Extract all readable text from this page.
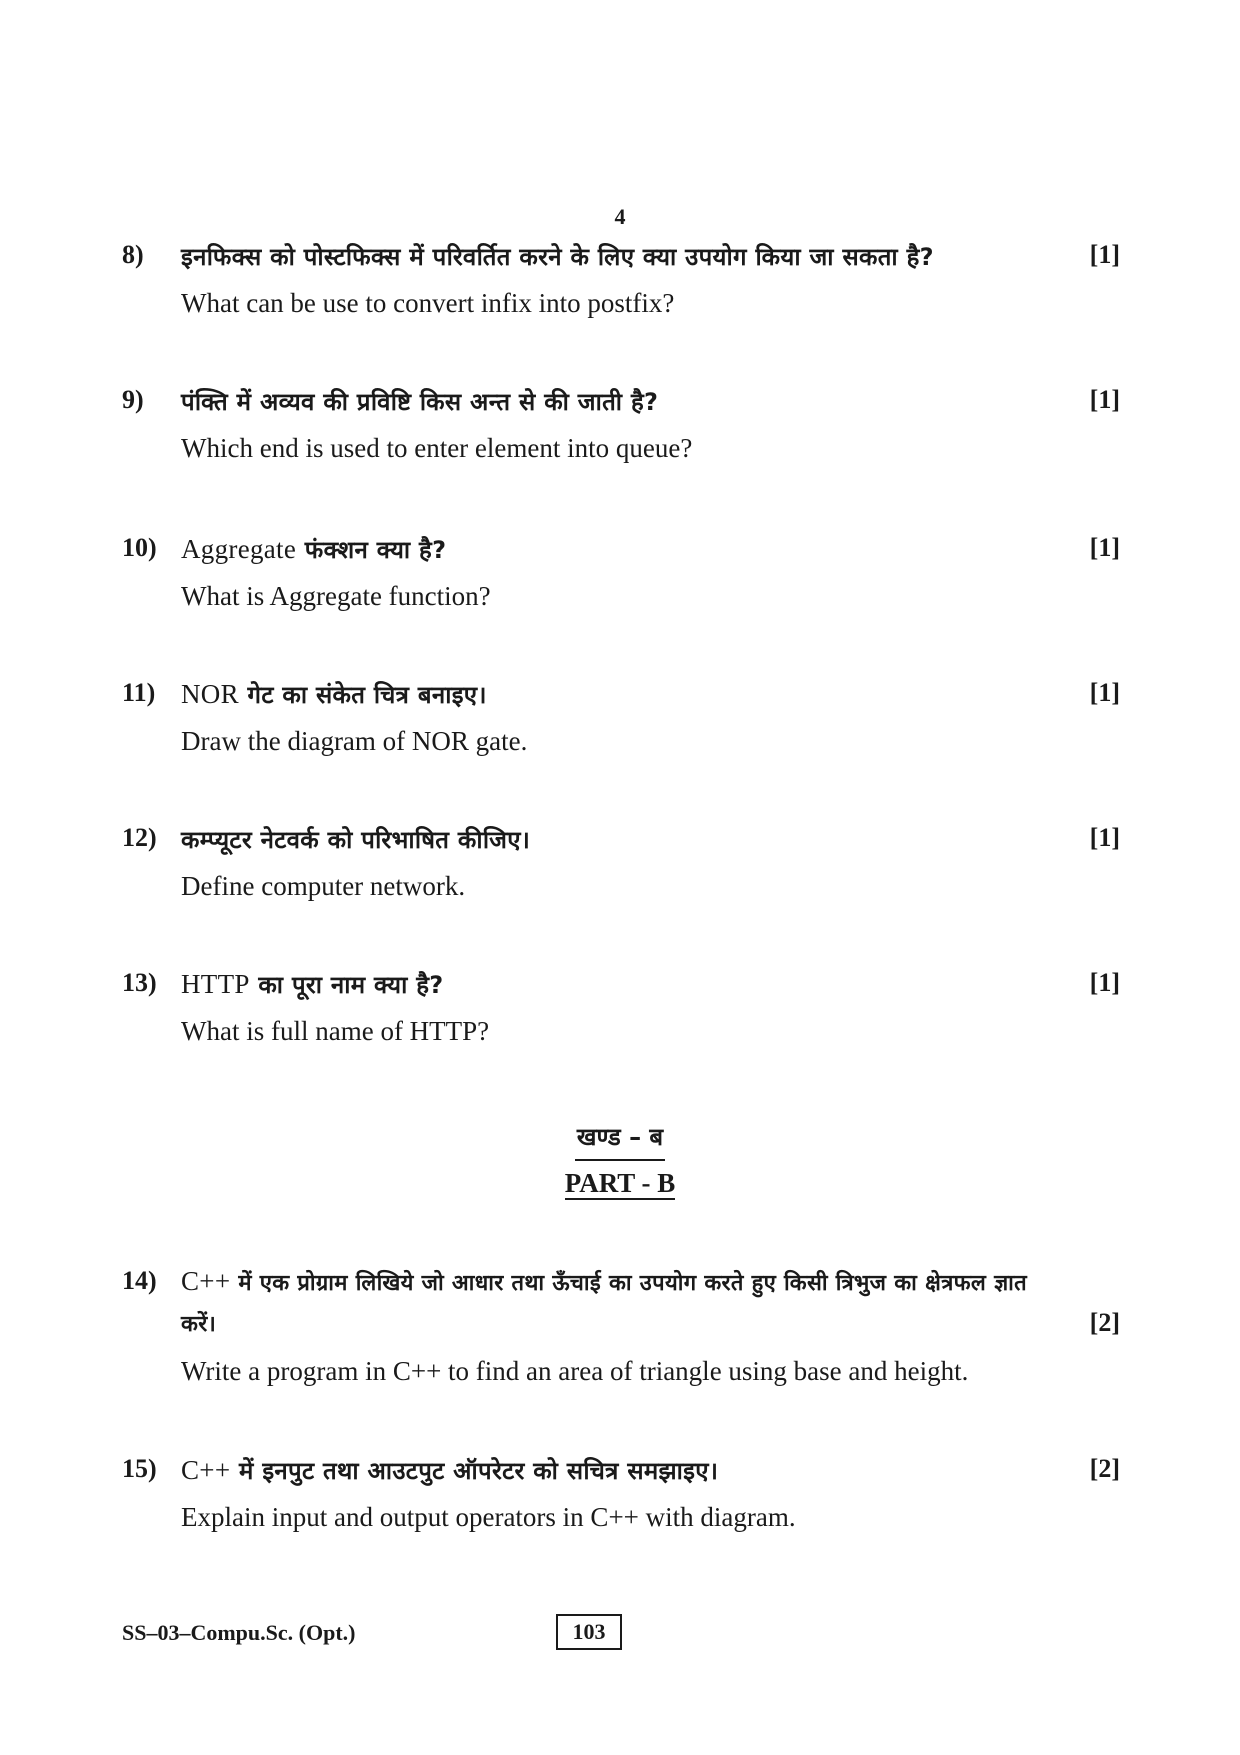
4
8) इनफिक्स को पोस्टफिक्स में परिवर्तित करने के लिए क्या उपयोग किया जा सकता है?	[1]
What can be use to convert infix into postfix?
9) पंक्ति में अव्यव की प्रविष्टि किस अन्त से की जाती है?	[1]
Which end is used to enter element into queue?
10) Aggregate फंक्शन क्या है?	[1]
What is Aggregate function?
11) NOR गेट का संकेत चित्र बनाइए।	[1]
Draw the diagram of NOR gate.
12) कम्प्यूटर नेटवर्क को परिभाषित कीजिए।	[1]
Define computer network.
13) HTTP का पूरा नाम क्या है?	[1]
What is full name of HTTP?
खण्ड – ब
PART - B
14) C++ में एक प्रोग्राम लिखिये जो आधार तथा ऊँचाई का उपयोग करते हुए किसी त्रिभुज का क्षेत्रफल ज्ञात
करें।	[2]
Write a program in C++ to find an area of triangle using base and height.
15) C++ में इनपुट तथा आउटपुट ऑपरेटर को सचित्र समझाइए।	[2]
Explain input and output operators in C++ with diagram.
SS–03–Compu.Sc. (Opt.)	103
